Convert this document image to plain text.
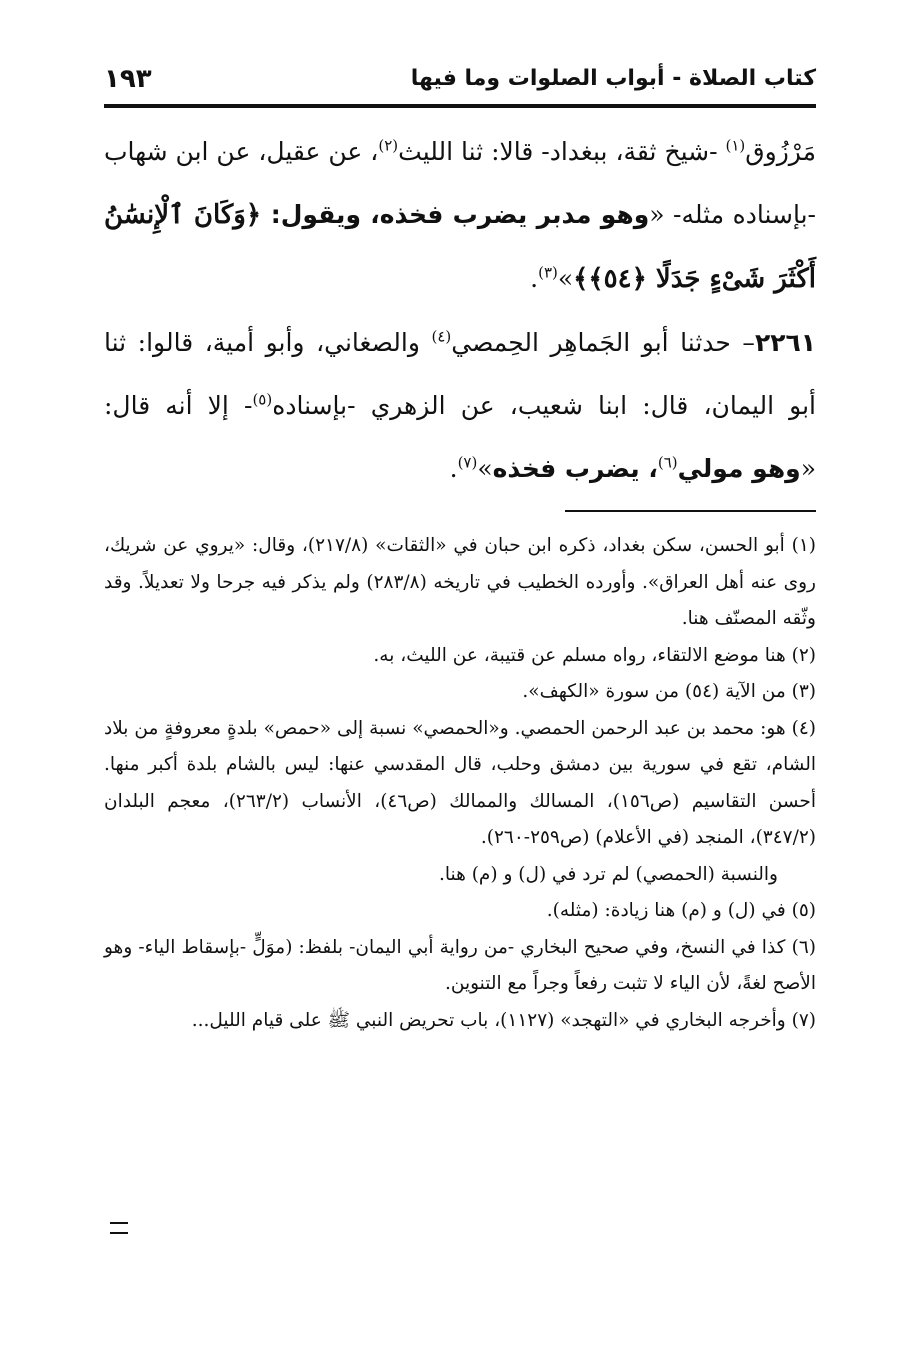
كتاب الصلاة - أبواب الصلوات وما فيها
١٩٣

مَرْزُوق$^{(١)}$ -شيخ ثقة، ببغداد- قالا: ثنا الليث$^{(٢)}$، عن عقيل، عن ابن شهاب -بإسناده مثله- «وهو مدبر يضرب فخذه، ويقول: ﴿وَكَانَ ٱلْإِنسَٰنُ أَكْثَرَ شَىْءٍ جَدَلًا ﴿٥٤﴾﴾»$^{(٣)}$.

٢٢٦١– حدثنا أبو الجَماهِر الحِمصي$^{(٤)}$ والصغاني، وأبو أمية، قالوا: ثنا أبو اليمان، قال: ابنا شعيب، عن الزهري -بإسناده$^{(٥)}$- إلا أنه قال: «وهو مولي$^{(٦)}$، يضرب فخذه»$^{(٧)}$.

(١) أبو الحسن، سكن بغداد، ذكره ابن حبان في «الثقات» (٢١٧/٨)، وقال: «يروي عن شريك، روى عنه أهل العراق». وأورده الخطيب في تاريخه (٢٨٣/٨) ولم يذكر فيه جرحا ولا تعديلاً. وقد وثّقه المصنّف هنا.

(٢) هنا موضع الالتقاء، رواه مسلم عن قتيبة، عن الليث، به.

(٣) من الآية (٥٤) من سورة «الكهف».

(٤) هو: محمد بن عبد الرحمن الحمصي. و«الحمصي» نسبة إلى «حمص» بلدةٍ معروفةٍ من بلاد الشام، تقع في سورية بين دمشق وحلب، قال المقدسي عنها: ليس بالشام بلدة أكبر منها. أحسن التقاسيم (ص١٥٦)، المسالك والممالك (ص٤٦)، الأنساب (٢٦٣/٢)، معجم البلدان (٣٤٧/٢)، المنجد (في الأعلام) (ص٢٥٩-٢٦٠).

والنسبة (الحمصي) لم ترد في (ل) و (م) هنا.

(٥) في (ل) و (م) هنا زيادة: (مثله).

(٦) كذا في النسخ، وفي صحيح البخاري -من رواية أبي اليمان- بلفظ: (موَلٍّ -بإسقاط الياء- وهو الأصح لغةً، لأن الياء لا تثبت رفعاً وجراً مع التنوين.

(٧) وأخرجه البخاري في «التهجد» (١١٢٧)، باب تحريض النبي ﷺ على قيام الليل...
